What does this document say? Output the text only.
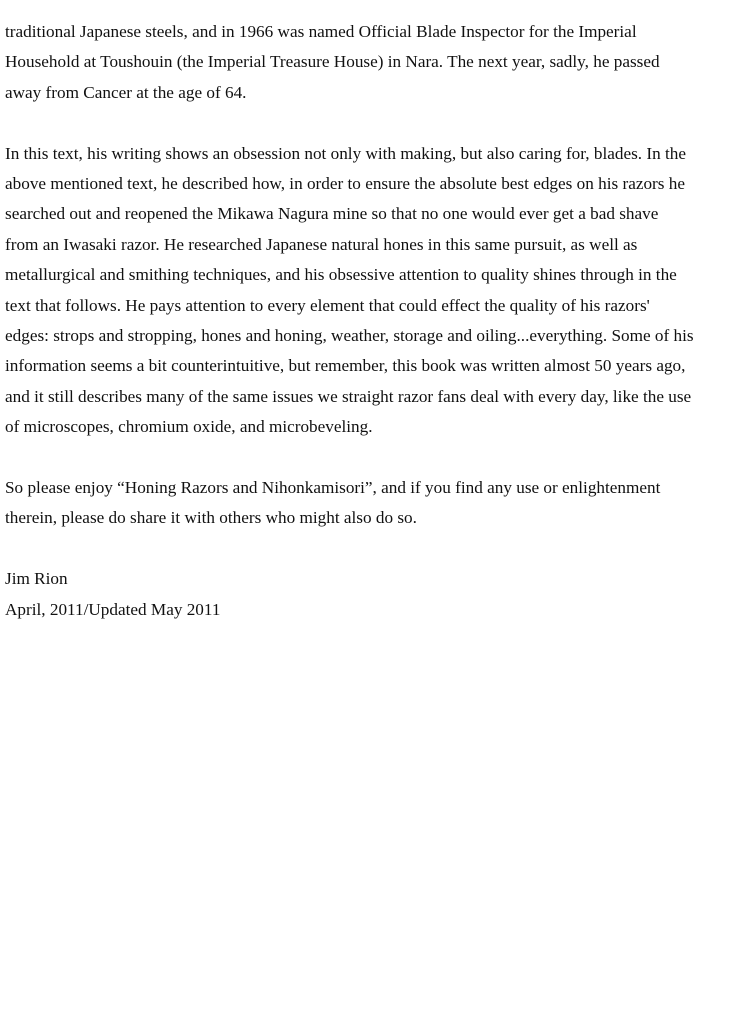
traditional Japanese steels, and in 1966 was named Official Blade Inspector for the Imperial
Household at Toushouin (the Imperial Treasure House) in Nara. The next year, sadly, he passed
away from Cancer at the age of 64.

In this text, his writing shows an obsession not only with making, but also caring for, blades. In the
above mentioned text, he described how, in order to ensure the absolute best edges on his razors he
searched out and reopened the Mikawa Nagura mine so that no one would ever get a bad shave
from an Iwasaki razor. He researched Japanese natural hones in this same pursuit, as well as
metallurgical and smithing techniques, and his obsessive attention to quality shines through in the
text that follows. He pays attention to every element that could effect the quality of his razors'
edges: strops and stropping, hones and honing, weather, storage and oiling...everything. Some of his
information seems a bit counterintuitive, but remember, this book was written almost 50 years ago,
and it still describes many of the same issues we straight razor fans deal with every day, like the use
of microscopes, chromium oxide, and microbeveling.

So please enjoy “Honing Razors and Nihonkamisori”, and if you find any use or enlightenment
therein, please do share it with others who might also do so.

Jim Rion
April, 2011/Updated May 2011
